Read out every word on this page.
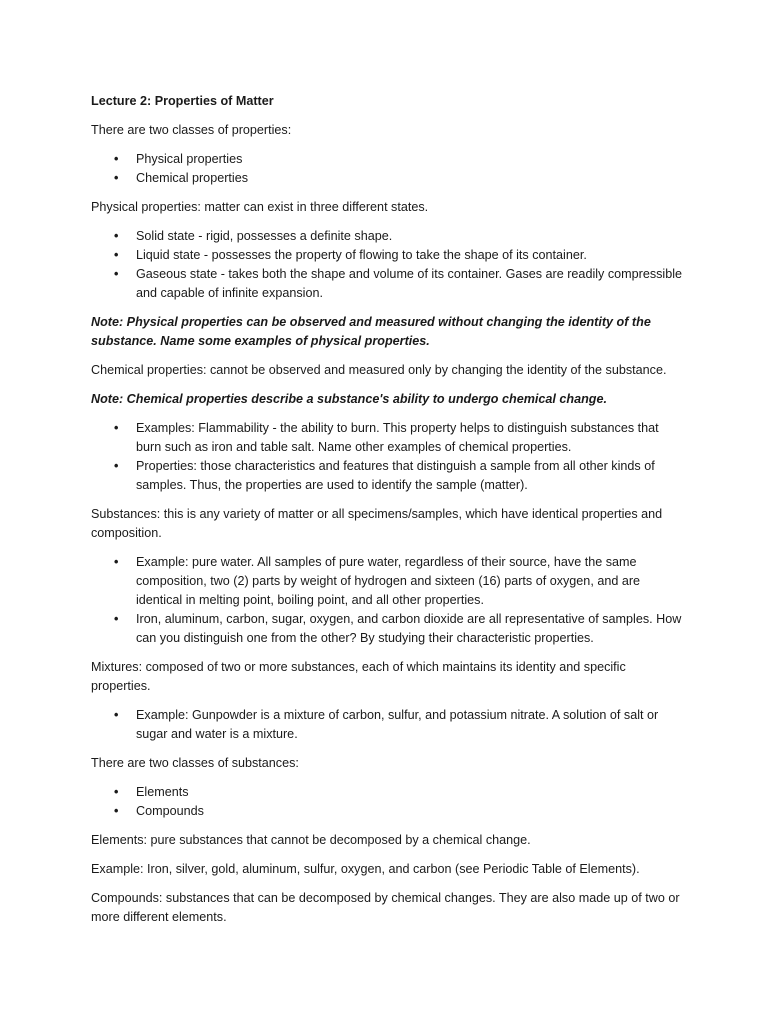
Lecture 2: Properties of Matter

There are two classes of properties:

• Physical properties
• Chemical properties

Physical properties: matter can exist in three different states.

• Solid state - rigid, possesses a definite shape.
• Liquid state - possesses the property of flowing to take the shape of its container.
• Gaseous state - takes both the shape and volume of its container. Gases are readily compressible and capable of infinite expansion.

Note: Physical properties can be observed and measured without changing the identity of the substance. Name some examples of physical properties.

Chemical properties: cannot be observed and measured only by changing the identity of the substance.

Note: Chemical properties describe a substance's ability to undergo chemical change.

• Examples: Flammability - the ability to burn. This property helps to distinguish substances that burn such as iron and table salt. Name other examples of chemical properties.
• Properties: those characteristics and features that distinguish a sample from all other kinds of samples. Thus, the properties are used to identify the sample (matter).

Substances: this is any variety of matter or all specimens/samples, which have identical properties and composition.

• Example: pure water. All samples of pure water, regardless of their source, have the same composition, two (2) parts by weight of hydrogen and sixteen (16) parts of oxygen, and are identical in melting point, boiling point, and all other properties.
• Iron, aluminum, carbon, sugar, oxygen, and carbon dioxide are all representative of samples. How can you distinguish one from the other? By studying their characteristic properties.

Mixtures: composed of two or more substances, each of which maintains its identity and specific properties.

• Example: Gunpowder is a mixture of carbon, sulfur, and potassium nitrate. A solution of salt or sugar and water is a mixture.

There are two classes of substances:

• Elements
• Compounds

Elements: pure substances that cannot be decomposed by a chemical change.

Example: Iron, silver, gold, aluminum, sulfur, oxygen, and carbon (see Periodic Table of Elements).

Compounds: substances that can be decomposed by chemical changes. They are also made up of two or more different elements.
